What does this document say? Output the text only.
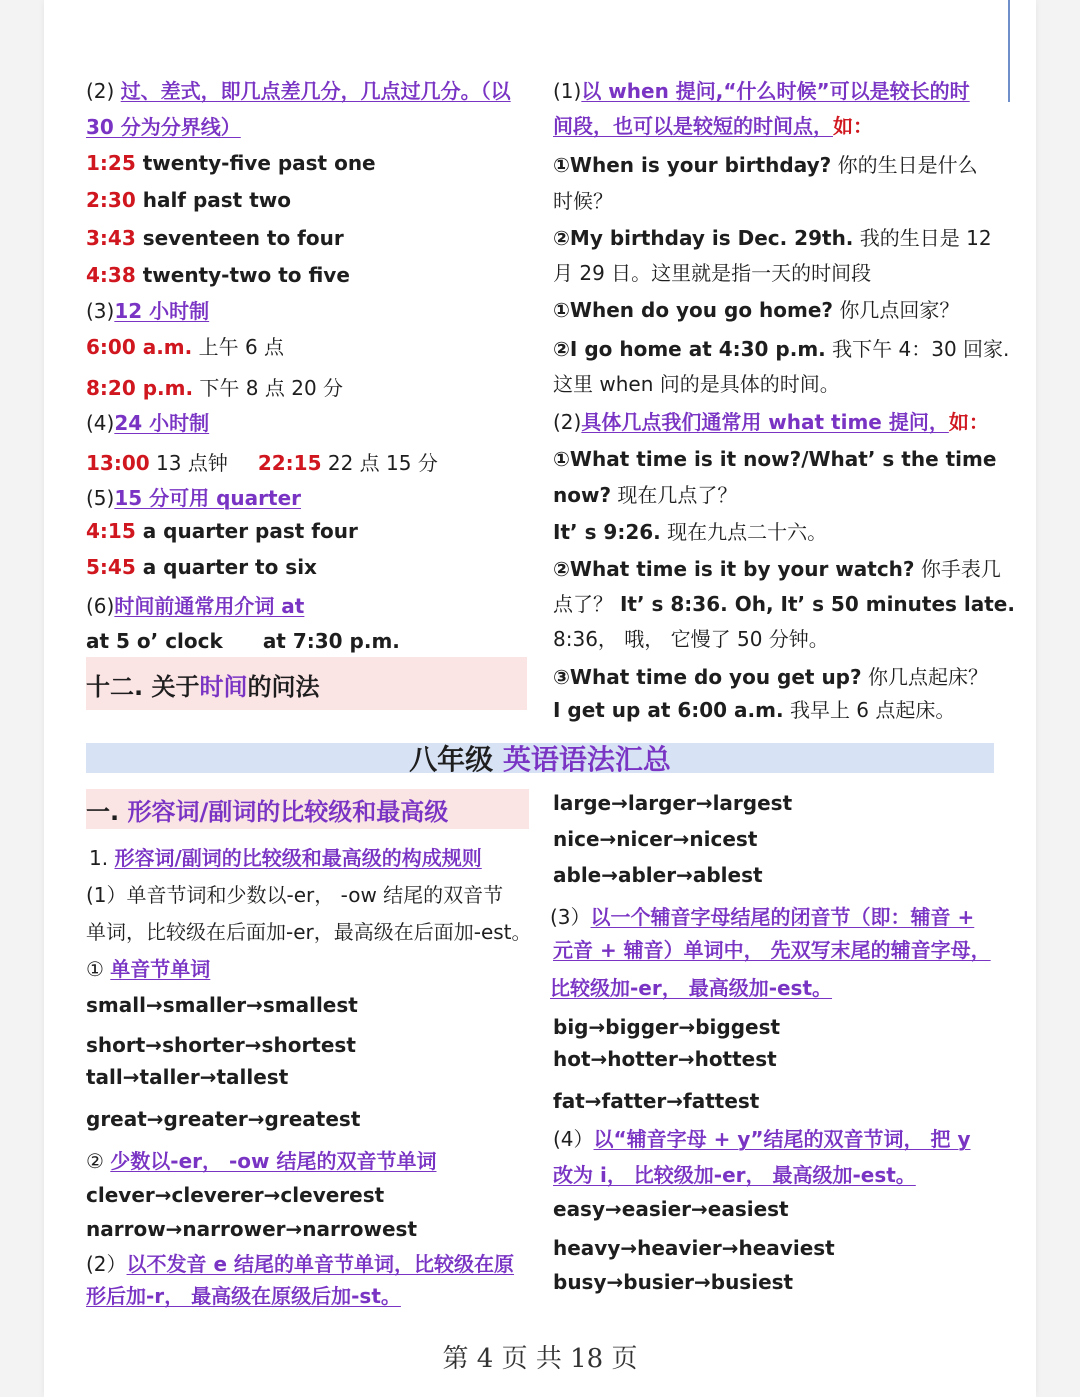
(2) 过、差式，即几点差几分，几点过几分。（以
30 分为分界线）
1:25 twenty-five past one
2:30 half past two
3:43 seventeen to four
4:38 twenty-two to five
(3)12 小时制
6:00 a.m. 上午 6 点
8:20 p.m. 下午 8 点 20 分
(4)24 小时制
13:00 13 点钟 22:15 22 点 15 分
(5)15 分可用 quarter
4:15 a quarter past four
5:45 a quarter to six
(6)时间前通常用介词 at
at 5 o’ clock at 7:30 p.m.
十二. 关于时间的问法
(1)以 when 提问,“什么时候”可以是较长的时
间段，也可以是较短的时间点，如：
①When is your birthday? 你的生日是什么
时候？
②My birthday is Dec. 29th. 我的生日是 12
月 29 日。这里就是指一天的时间段
①When do you go home? 你几点回家？
②I go home at 4:30 p.m. 我下午 4：30 回家.
这里 when 问的是具体的时间。
(2)具体几点我们通常用 what time 提问，如：
①What time is it now?/What’ s the time
now? 现在几点了？
It’ s 9:26. 现在九点二十六。
②What time is it by your watch? 你手表几
点了？ It’ s 8:36. Oh, It’ s 50 minutes late.
8:36， 哦， 它慢了 50 分钟。
③What time do you get up? 你几点起床？
I get up at 6:00 a.m. 我早上 6 点起床。
八年级 英语语法汇总
一. 形容词/副词的比较级和最高级
1. 形容词/副词的比较级和最高级的构成规则
(1）单音节词和少数以-er， -ow 结尾的双音节
单词，比较级在后面加-er，最高级在后面加-est。
① 单音节单词
small→smaller→smallest
short→shorter→shortest
tall→taller→tallest
great→greater→greatest
② 少数以-er， -ow 结尾的双音节单词
clever→cleverer→cleverest
narrow→narrower→narrowest
(2）以不发音 e 结尾的单音节单词，比较级在原
形后加-r， 最高级在原级后加-st。
large→larger→largest
nice→nicer→nicest
able→abler→ablest
(3）以一个辅音字母结尾的闭音节（即：辅音 +
元音 + 辅音）单词中， 先双写末尾的辅音字母，
比较级加-er， 最高级加-est。
big→bigger→biggest
hot→hotter→hottest
fat→fatter→fattest
(4）以“辅音字母 + y”结尾的双音节词， 把 y
改为 i， 比较级加-er， 最高级加-est。
easy→easier→easiest
heavy→heavier→heaviest
busy→busier→busiest
第 4 页 共 18 页
